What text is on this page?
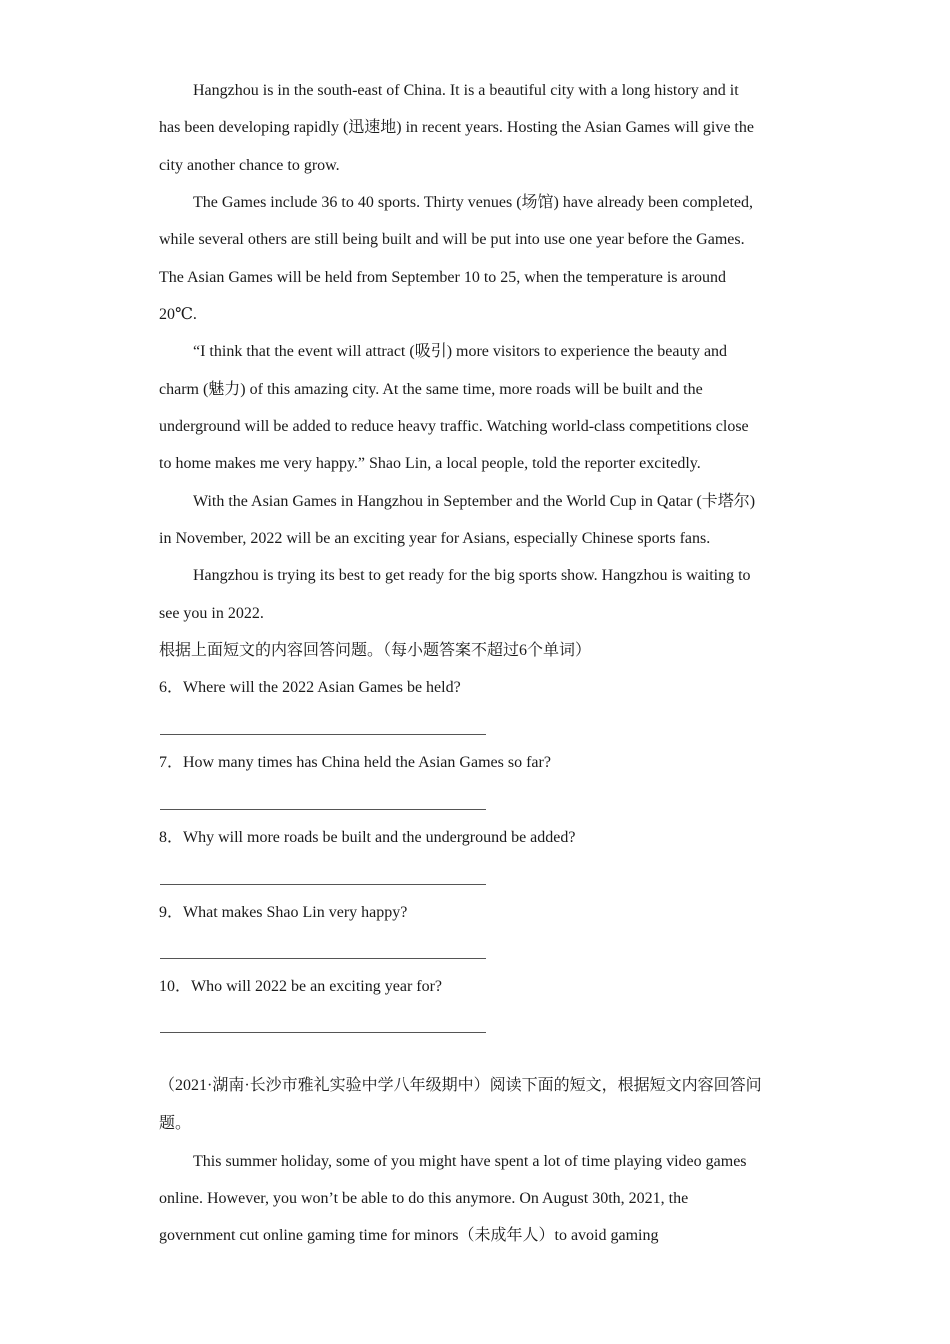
Hangzhou is in the south-east of China. It is a beautiful city with a long history and it
has been developing rapidly (迅速地) in recent years. Hosting the Asian Games will give the
city another chance to grow.
The Games include 36 to 40 sports. Thirty venues (场馆) have already been completed,
while several others are still being built and will be put into use one year before the Games.
The Asian Games will be held from September 10 to 25, when the temperature is around
20℃.
“I think that the event will attract (吸引) more visitors to experience the beauty and
charm (魅力) of this amazing city. At the same time, more roads will be built and the
underground will be added to reduce heavy traffic. Watching world-class competitions close
to home makes me very happy.” Shao Lin, a local people, told the reporter excitedly.
With the Asian Games in Hangzhou in September and the World Cup in Qatar (卡塔尔)
in November, 2022 will be an exciting year for Asians, especially Chinese sports fans.
Hangzhou is trying its best to get ready for the big sports show. Hangzhou is waiting to
see you in 2022.
根据上面短文的内容回答问题。（每小题答案不超过6个单词）
6．Where will the 2022 Asian Games be held?
7．How many times has China held the Asian Games so far?
8．Why will more roads be built and the underground be added?
9．What makes Shao Lin very happy?
10．Who will 2022 be an exciting year for?
（2021·湖南·长沙市雅礼实验中学八年级期中）阅读下面的短文，根据短文内容回答问
题。
This summer holiday, some of you might have spent a lot of time playing video games
online. However, you won’t be able to do this anymore. On August 30th, 2021, the
government cut online gaming time for minors（未成年人）to avoid gaming
